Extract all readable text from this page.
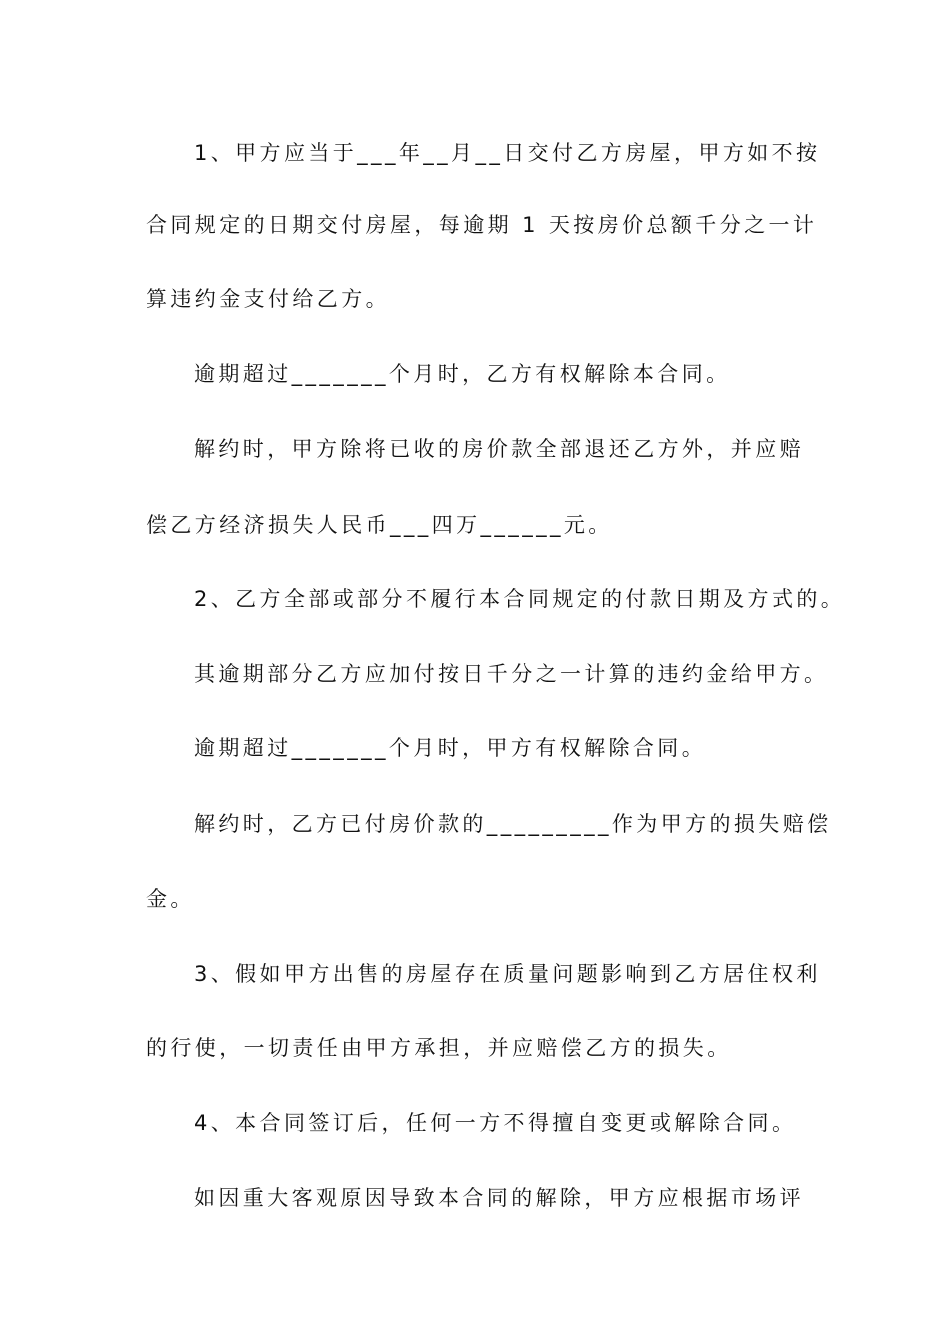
1、甲方应当于___年__月__日交付乙方房屋，甲方如不按
合同规定的日期交付房屋，每逾期 1 天按房价总额千分之一计
算违约金支付给乙方。
逾期超过_______个月时，乙方有权解除本合同。
解约时，甲方除将已收的房价款全部退还乙方外，并应赔
偿乙方经济损失人民币___四万______元。
2、乙方全部或部分不履行本合同规定的付款日期及方式的。
其逾期部分乙方应加付按日千分之一计算的违约金给甲方。
逾期超过_______个月时，甲方有权解除合同。
解约时，乙方已付房价款的_________作为甲方的损失赔偿
金。
3、假如甲方出售的房屋存在质量问题影响到乙方居住权利
的行使，一切责任由甲方承担，并应赔偿乙方的损失。
4、本合同签订后，任何一方不得擅自变更或解除合同。
如因重大客观原因导致本合同的解除，甲方应根据市场评
